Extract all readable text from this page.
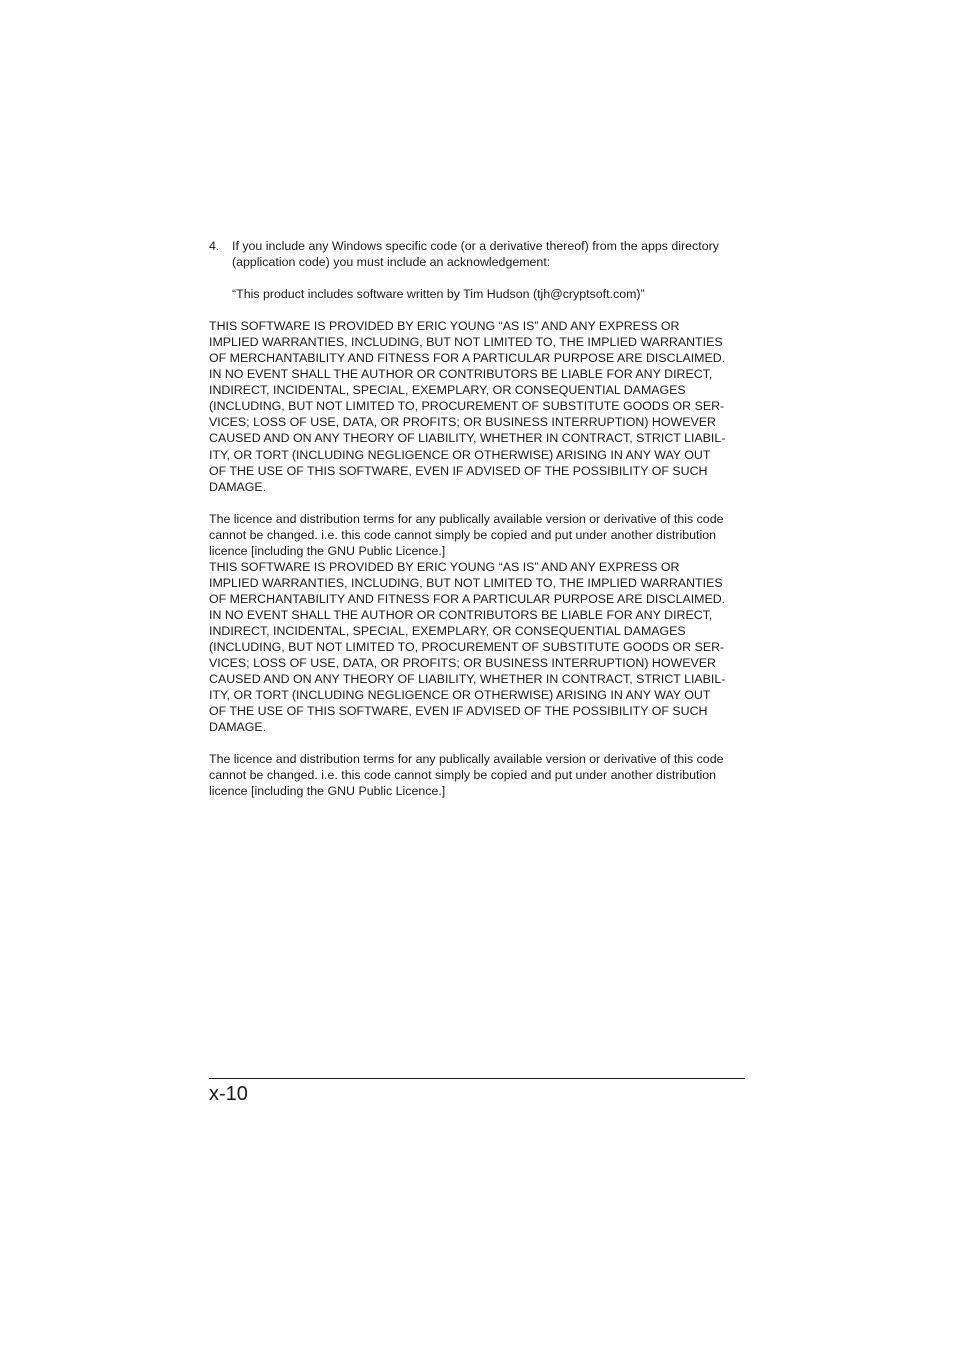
4. If you include any Windows specific code (or a derivative thereof) from the apps directory
(application code) you must include an acknowledgement:
“This product includes software written by Tim Hudson (tjh@cryptsoft.com)”
THIS SOFTWARE IS PROVIDED BY ERIC YOUNG “AS IS” AND ANY EXPRESS OR
IMPLIED WARRANTIES, INCLUDING, BUT NOT LIMITED TO, THE IMPLIED WARRANTIES
OF MERCHANTABILITY AND FITNESS FOR A PARTICULAR PURPOSE ARE DISCLAIMED.
IN NO EVENT SHALL THE AUTHOR OR CONTRIBUTORS BE LIABLE FOR ANY DIRECT,
INDIRECT, INCIDENTAL, SPECIAL, EXEMPLARY, OR CONSEQUENTIAL DAMAGES
(INCLUDING, BUT NOT LIMITED TO, PROCUREMENT OF SUBSTITUTE GOODS OR SER-
VICES; LOSS OF USE, DATA, OR PROFITS; OR BUSINESS INTERRUPTION) HOWEVER
CAUSED AND ON ANY THEORY OF LIABILITY, WHETHER IN CONTRACT, STRICT LIABIL-
ITY, OR TORT (INCLUDING NEGLIGENCE OR OTHERWISE) ARISING IN ANY WAY OUT
OF THE USE OF THIS SOFTWARE, EVEN IF ADVISED OF THE POSSIBILITY OF SUCH
DAMAGE.
The licence and distribution terms for any publically available version or derivative of this code
cannot be changed. i.e. this code cannot simply be copied and put under another distribution
licence [including the GNU Public Licence.]
THIS SOFTWARE IS PROVIDED BY ERIC YOUNG “AS IS” AND ANY EXPRESS OR
IMPLIED WARRANTIES, INCLUDING, BUT NOT LIMITED TO, THE IMPLIED WARRANTIES
OF MERCHANTABILITY AND FITNESS FOR A PARTICULAR PURPOSE ARE DISCLAIMED.
IN NO EVENT SHALL THE AUTHOR OR CONTRIBUTORS BE LIABLE FOR ANY DIRECT,
INDIRECT, INCIDENTAL, SPECIAL, EXEMPLARY, OR CONSEQUENTIAL DAMAGES
(INCLUDING, BUT NOT LIMITED TO, PROCUREMENT OF SUBSTITUTE GOODS OR SER-
VICES; LOSS OF USE, DATA, OR PROFITS; OR BUSINESS INTERRUPTION) HOWEVER
CAUSED AND ON ANY THEORY OF LIABILITY, WHETHER IN CONTRACT, STRICT LIABIL-
ITY, OR TORT (INCLUDING NEGLIGENCE OR OTHERWISE) ARISING IN ANY WAY OUT
OF THE USE OF THIS SOFTWARE, EVEN IF ADVISED OF THE POSSIBILITY OF SUCH
DAMAGE.
The licence and distribution terms for any publically available version or derivative of this code
cannot be changed. i.e. this code cannot simply be copied and put under another distribution
licence [including the GNU Public Licence.]
x-10
